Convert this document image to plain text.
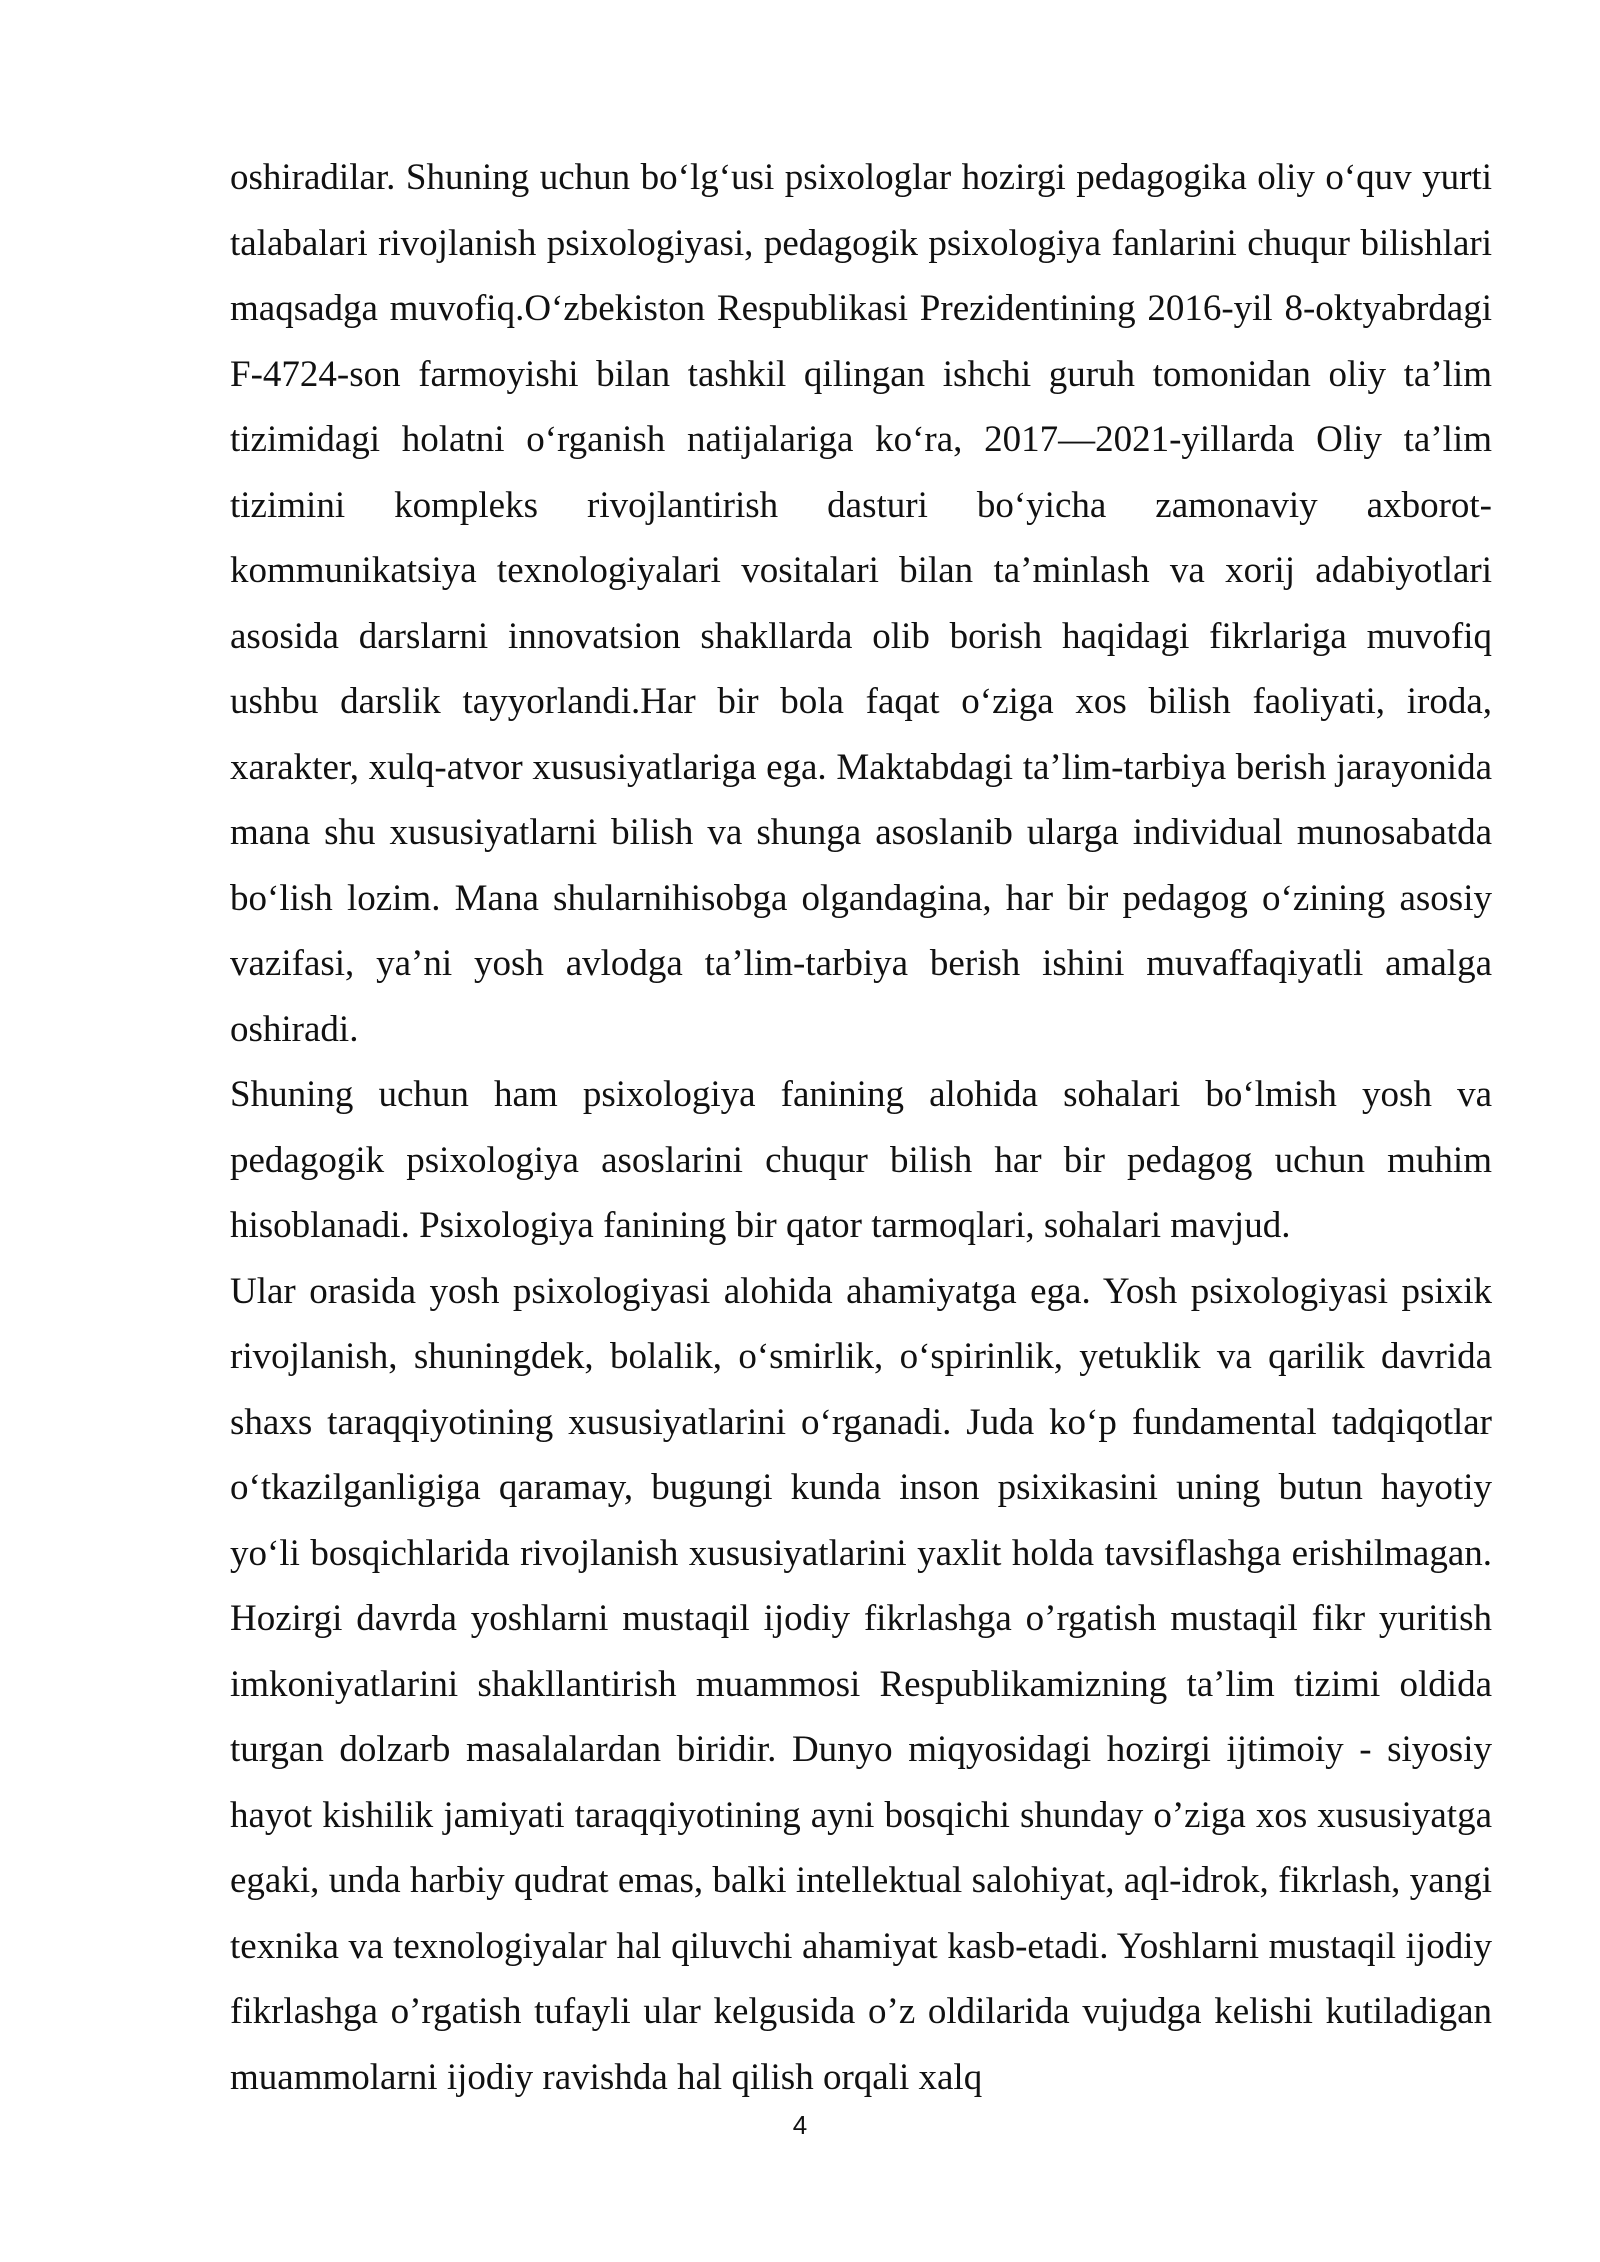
oshiradilar. Shuning uchun bo‘lg‘usi psixologlar hozirgi pedagogika oliy o‘quv yurti talabalari rivojlanish psixologiyasi, pedagogik psixologiya fanlarini chuqur bilishlari maqsadga muvofiq.O‘zbekiston Respublikasi Prezidentining 2016-yil 8-oktyabrdagi F-4724-son farmoyishi bilan tashkil qilingan ishchi guruh tomonidan oliy ta’lim tizimidagi holatni o‘rganish natijalariga ko‘ra, 2017—2021-yillarda Oliy ta’lim tizimini kompleks rivojlantirish dasturi bo‘yicha zamonaviy axborot-kommunikatsiya texnologiyalari vositalari bilan ta’minlash va xorij adabiyotlari asosida darslarni innovatsion shakllarda olib borish haqidagi fikrlariga muvofiq ushbu darslik tayyorlandi.Har bir bola faqat o‘ziga xos bilish faoliyati, iroda, xarakter, xulq-atvor xususiyatlariga ega. Maktabdagi ta’lim-tarbiya berish jarayonida mana shu xususiyatlarni bilish va shunga asoslanib ularga individual munosabatda bo‘lish lozim. Mana shularnihisobga olgandagina, har bir pedagog o‘zining asosiy vazifasi, ya’ni yosh avlodga ta’lim-tarbiya berish ishini muvaffaqiyatli amalga oshiradi.

Shuning uchun ham psixologiya fanining alohida sohalari bo‘lmish yosh va pedagogik psixologiya asoslarini chuqur bilish har bir pedagog uchun muhim hisoblanadi. Psixologiya fanining bir qator tarmoqlari, sohalari mavjud.

Ular orasida yosh psixologiyasi alohida ahamiyatga ega. Yosh psixologiyasi psixik rivojlanish, shuningdek, bolalik, o‘smirlik, o‘spirinlik, yetuklik va qarilik davrida shaxs taraqqiyotining xususiyatlarini o‘rganadi. Juda ko‘p fundamental tadqiqotlar o‘tkazilganligiga qaramay, bugungi kunda inson psixikasini uning butun hayotiy yo‘li bosqichlarida rivojlanish xususiyatlarini yaxlit holda tavsiflashga erishilmagan. Hozirgi davrda yoshlarni mustaqil ijodiy fikrlashga o’rgatish mustaqil fikr yuritish imkoniyatlarini shakllantirish muammosi Respublikamizning ta’lim tizimi oldida turgan dolzarb masalalardan biridir. Dunyo miqyosidagi hozirgi ijtimoiy - siyosiy hayot kishilik jamiyati taraqqiyotining ayni bosqichi shunday o’ziga xos xususiyatga egaki, unda harbiy qudrat emas, balki intellektual salohiyat, aql-idrok, fikrlash, yangi texnika va texnologiyalar hal qiluvchi ahamiyat kasb-etadi. Yoshlarni mustaqil ijodiy fikrlashga o’rgatish tufayli ular kelgusida o’z oldilarida vujudga kelishi kutiladigan muammolarni ijodiy ravishda hal qilish orqali xalq

4
